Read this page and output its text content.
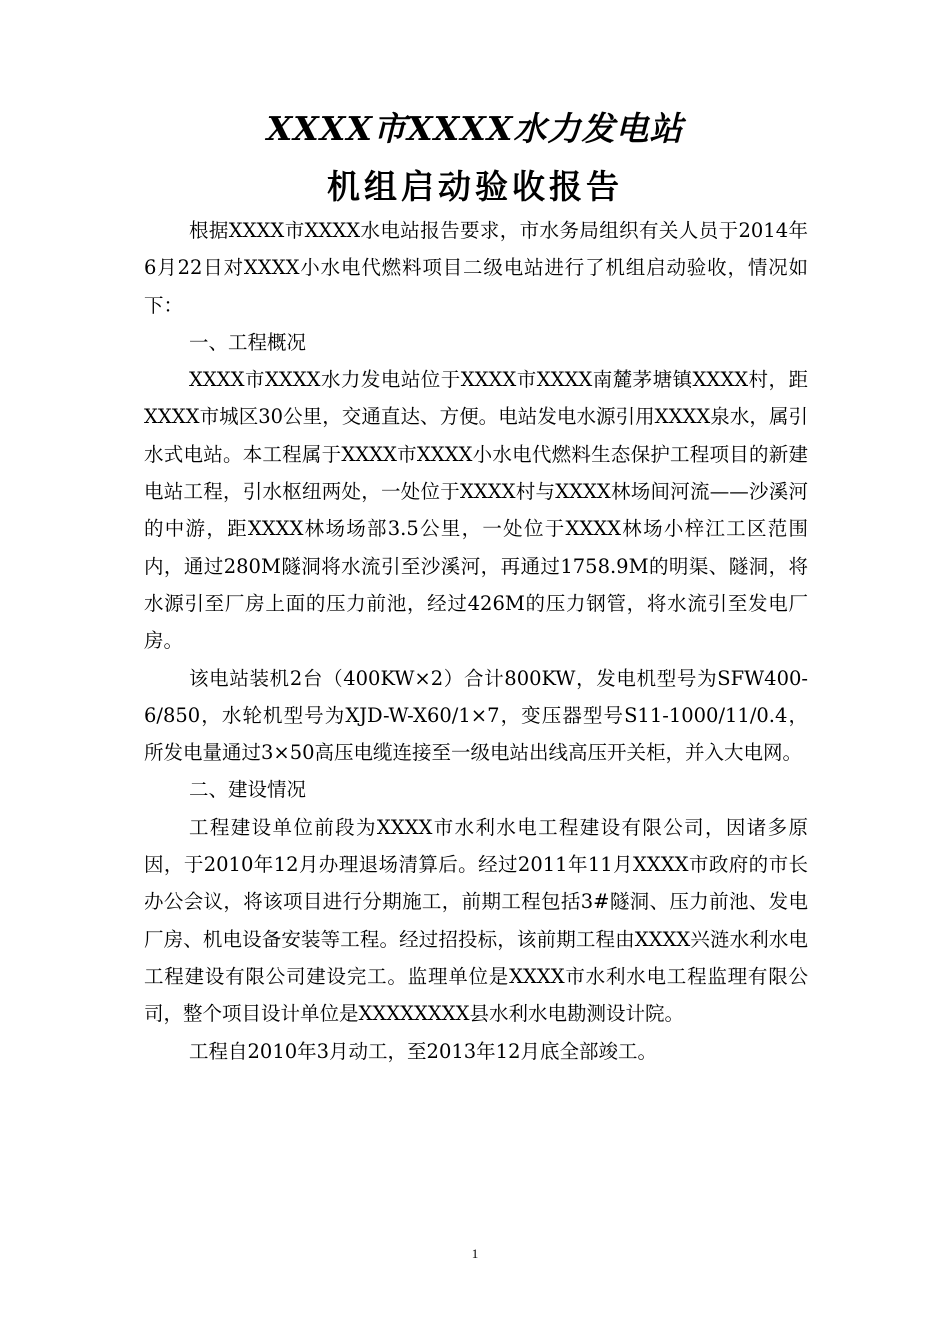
XXXX市XXXX水力发电站
机组启动验收报告

根据XXXX市XXXX水电站报告要求，市水务局组织有关人员于2014年6月22日对XXXX小水电代燃料项目二级电站进行了机组启动验收，情况如下：

一、工程概况

XXXX市XXXX水力发电站位于XXXX市XXXX南麓茅塘镇XXXX村，距XXXX市城区30公里，交通直达、方便。电站发电水源引用XXXX泉水，属引水式电站。本工程属于XXXX市XXXX小水电代燃料生态保护工程项目的新建电站工程，引水枢纽两处，一处位于XXXX村与XXXX林场间河流——沙溪河的中游，距XXXX林场场部3.5公里，一处位于XXXX林场小梓江工区范围内，通过280M隧洞将水流引至沙溪河，再通过1758.9M的明渠、隧洞，将水源引至厂房上面的压力前池，经过426M的压力钢管，将水流引至发电厂房。

该电站装机2台（400KW×2）合计800KW，发电机型号为SFW400-6/850，水轮机型号为XJD-W-X60/1×7，变压器型号S11-1000/11/0.4，所发电量通过3×50高压电缆连接至一级电站出线高压开关柜，并入大电网。

二、建设情况

工程建设单位前段为XXXX市水利水电工程建设有限公司，因诸多原因，于2010年12月办理退场清算后。经过2011年11月XXXX市政府的市长办公会议，将该项目进行分期施工，前期工程包括3#隧洞、压力前池、发电厂房、机电设备安装等工程。经过招投标，该前期工程由XXXX兴涟水利水电工程建设有限公司建设完工。监理单位是XXXX市水利水电工程监理有限公司，整个项目设计单位是XXXXXXXX县水利水电勘测设计院。

工程自2010年3月动工，至2013年12月底全部竣工。

1
